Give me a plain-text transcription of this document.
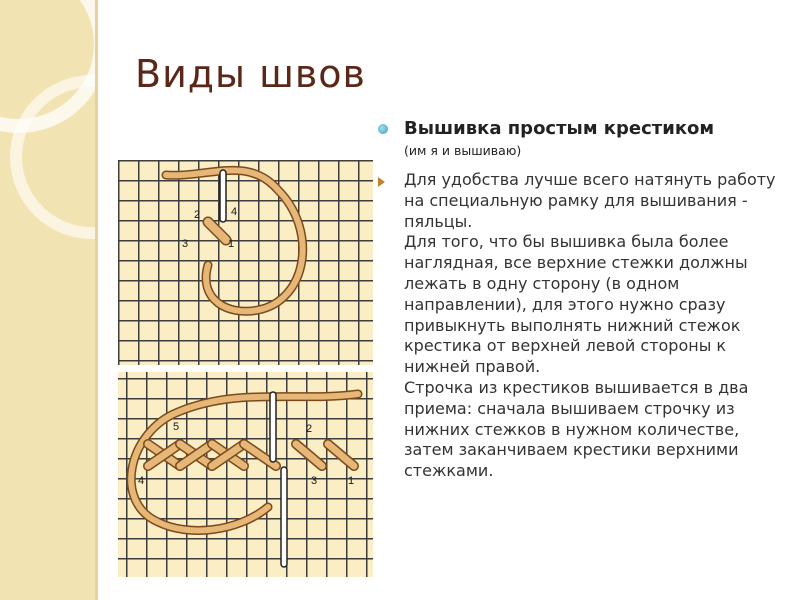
Виды швов
2	4
3	1
5	2
4	3	1
Вышивка простым крестиком
(им я и вышиваю)
Для удобства лучше всего натянуть работу на специальную рамку для вышивания - пяльцы.
Для того, что бы вышивка была более наглядная, все верхние стежки должны лежать в одну сторону (в одном направлении), для этого нужно сразу привыкнуть выполнять нижний стежок крестика от верхней левой стороны к нижней правой.
Строчка из крестиков вышивается в два приема: сначала вышиваем строчку из нижних стежков в нужном количестве, затем заканчиваем крестики верхними стежками.
